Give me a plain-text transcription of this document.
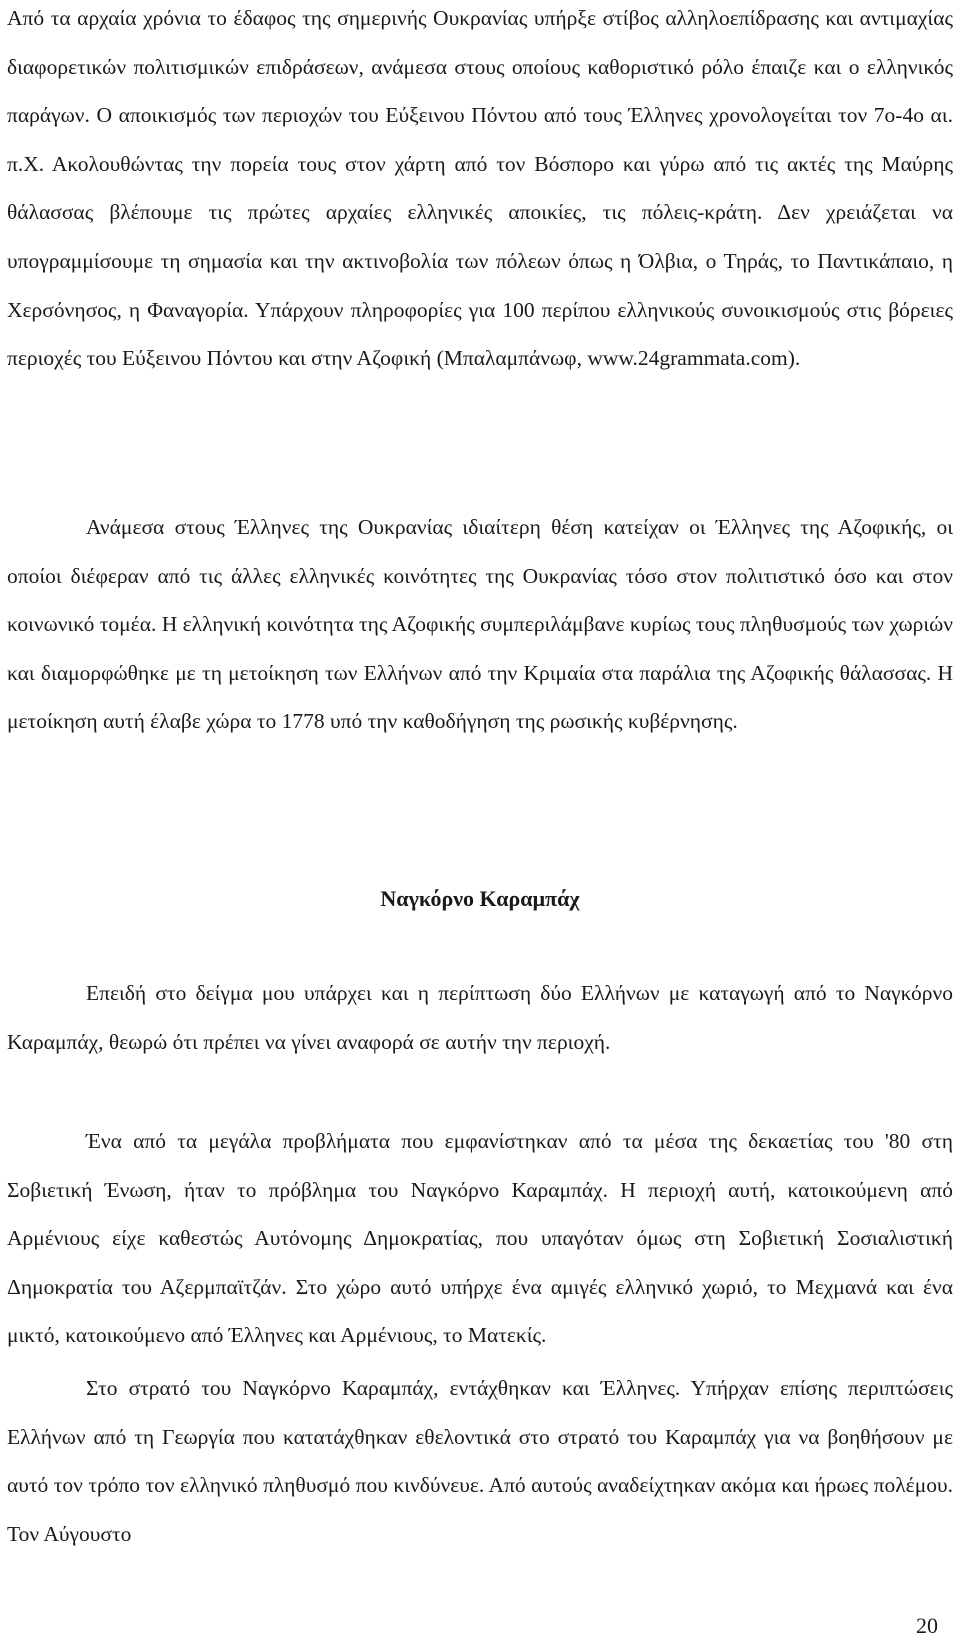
Από τα αρχαία χρόνια το έδαφος της σημερινής Ουκρανίας υπήρξε στίβος αλληλοεπίδρασης και αντιμαχίας διαφορετικών πολιτισμικών επιδράσεων, ανάμεσα στους οποίους καθοριστικό ρόλο έπαιζε και ο ελληνικός παράγων. Ο αποικισμός των περιοχών του Εύξεινου Πόντου από τους Έλληνες χρονολογείται τον 7ο-4ο αι. π.Χ. Ακολουθώντας την πορεία τους στον χάρτη από τον Βόσπορο και γύρω από τις ακτές της Μαύρης θάλασσας βλέπουμε τις πρώτες αρχαίες ελληνικές αποικίες, τις πόλεις-κράτη. Δεν χρειάζεται να υπογραμμίσουμε τη σημασία και την ακτινοβολία των πόλεων όπως η Όλβια, ο Τηράς, το Παντικάπαιο, η Χερσόνησος, η Φαναγορία. Υπάρχουν πληροφορίες για 100 περίπου ελληνικούς συνοικισμούς στις βόρειες περιοχές του Εύξεινου Πόντου και στην Αζοφική (Μπαλαμπάνωφ, www.24grammata.com).

Ανάμεσα στους Έλληνες της Ουκρανίας ιδιαίτερη θέση κατείχαν οι Έλληνες της Αζοφικής, οι οποίοι διέφεραν από τις άλλες ελληνικές κοινότητες της Ουκρανίας τόσο στον πολιτιστικό όσο και στον κοινωνικό τομέα. Η ελληνική κοινότητα της Αζοφικής συμπεριλάμβανε κυρίως τους πληθυσμούς των χωριών και διαμορφώθηκε με τη μετοίκηση των Ελλήνων από την Κριμαία στα παράλια της Αζοφικής θάλασσας. Η μετοίκηση αυτή έλαβε χώρα το 1778 υπό την καθοδήγηση της ρωσικής κυβέρνησης.

Ναγκόρνο Καραμπάχ

Επειδή στο δείγμα μου υπάρχει και η περίπτωση δύο Ελλήνων με καταγωγή από το Ναγκόρνο Καραμπάχ, θεωρώ ότι πρέπει να γίνει αναφορά σε αυτήν την περιοχή.

Ένα από τα μεγάλα προβλήματα που εμφανίστηκαν από τα μέσα της δεκαετίας του '80 στη Σοβιετική Ένωση, ήταν το πρόβλημα του Ναγκόρνο Καραμπάχ. Η περιοχή αυτή, κατοικούμενη από Αρμένιους είχε καθεστώς Αυτόνομης Δημοκρατίας, που υπαγόταν όμως στη Σοβιετική Σοσιαλιστική Δημοκρατία του Αζερμπαϊτζάν. Στο χώρο αυτό υπήρχε ένα αμιγές ελληνικό χωριό, το Μεχμανά και ένα μικτό, κατοικούμενο από Έλληνες και Αρμένιους, το Ματεκίς.

Στο στρατό του Ναγκόρνο Καραμπάχ, εντάχθηκαν και Έλληνες. Υπήρχαν επίσης περιπτώσεις Ελλήνων από τη Γεωργία που κατατάχθηκαν εθελοντικά στο στρατό του Καραμπάχ για να βοηθήσουν με αυτό τον τρόπο τον ελληνικό πληθυσμό που κινδύνευε. Από αυτούς αναδείχτηκαν ακόμα και ήρωες πολέμου. Τον Αύγουστο

20
